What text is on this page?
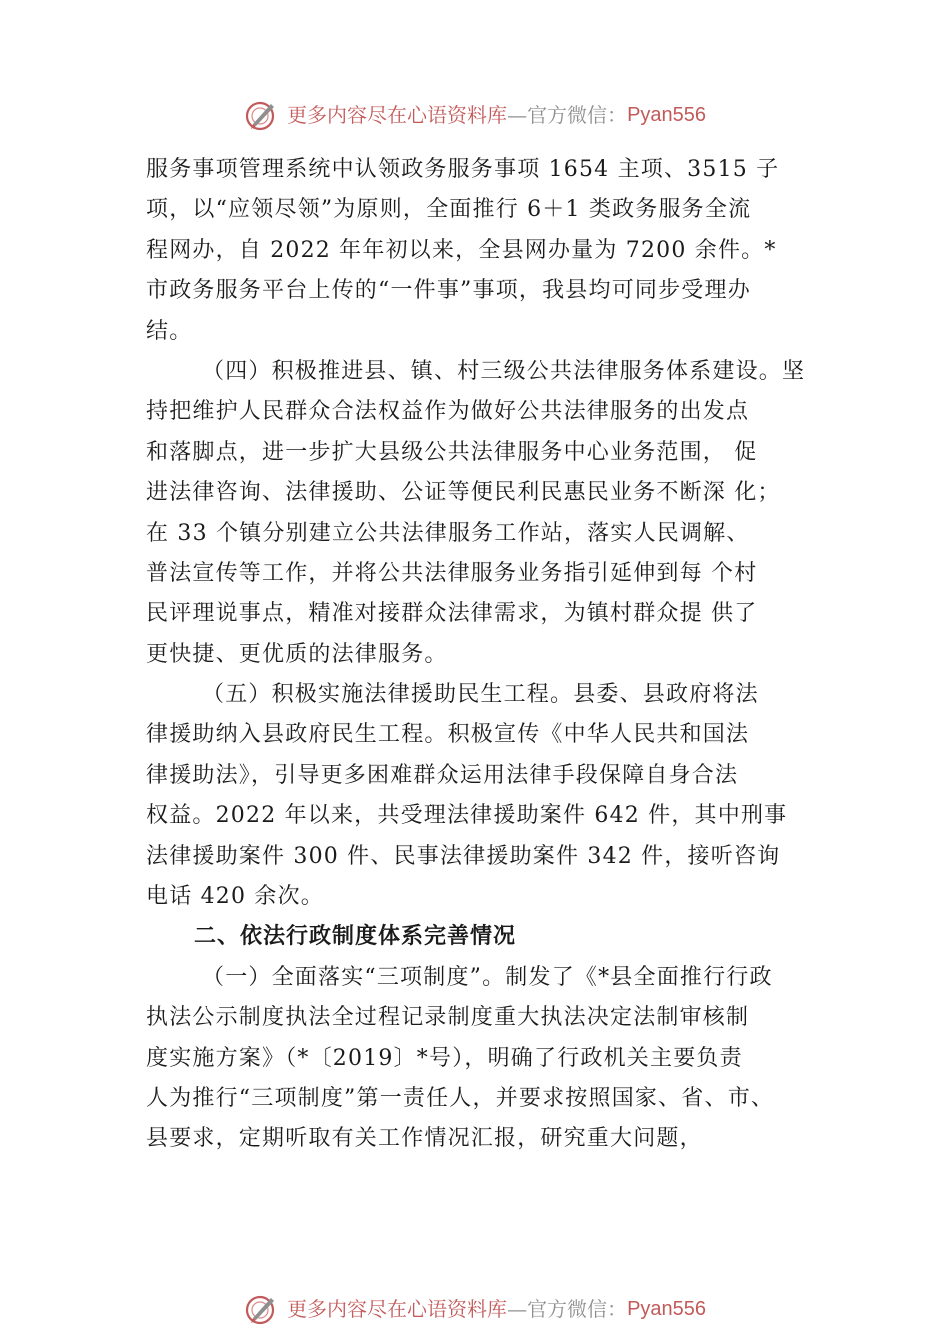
更多内容尽在心语资料库—官方微信：Pyan556
服务事项管理系统中认领政务服务事项 1654 主项、3515 子
项，以“应领尽领”为原则，全面推行 6＋1 类政务服务全流
程网办，自 2022 年年初以来，全县网办量为 7200 余件。*
市政务服务平台上传的“一件事”事项，我县均可同步受理办
结。
（四）积极推进县、镇、村三级公共法律服务体系建设。坚
持把维护人民群众合法权益作为做好公共法律服务的出发点
和落脚点，进一步扩大县级公共法律服务中心业务范围， 促
进法律咨询、法律援助、公证等便民利民惠民业务不断深 化；
在 33 个镇分别建立公共法律服务工作站，落实人民调解、
普法宣传等工作，并将公共法律服务业务指引延伸到每 个村
民评理说事点，精准对接群众法律需求，为镇村群众提 供了
更快捷、更优质的法律服务。
（五）积极实施法律援助民生工程。县委、县政府将法
律援助纳入县政府民生工程。积极宣传《中华人民共和国法
律援助法》，引导更多困难群众运用法律手段保障自身合法
权益。2022 年以来，共受理法律援助案件 642 件，其中刑事
法律援助案件 300 件、民事法律援助案件 342 件，接听咨询
电话 420 余次。
二、依法行政制度体系完善情况
（一）全面落实“三项制度”。制发了《*县全面推行行政
执法公示制度执法全过程记录制度重大执法决定法制审核制
度实施方案》（*〔2019〕*号），明确了行政机关主要负责
人为推行“三项制度”第一责任人，并要求按照国家、省、市、
县要求，定期听取有关工作情况汇报，研究重大问题，
更多内容尽在心语资料库—官方微信：Pyan556
